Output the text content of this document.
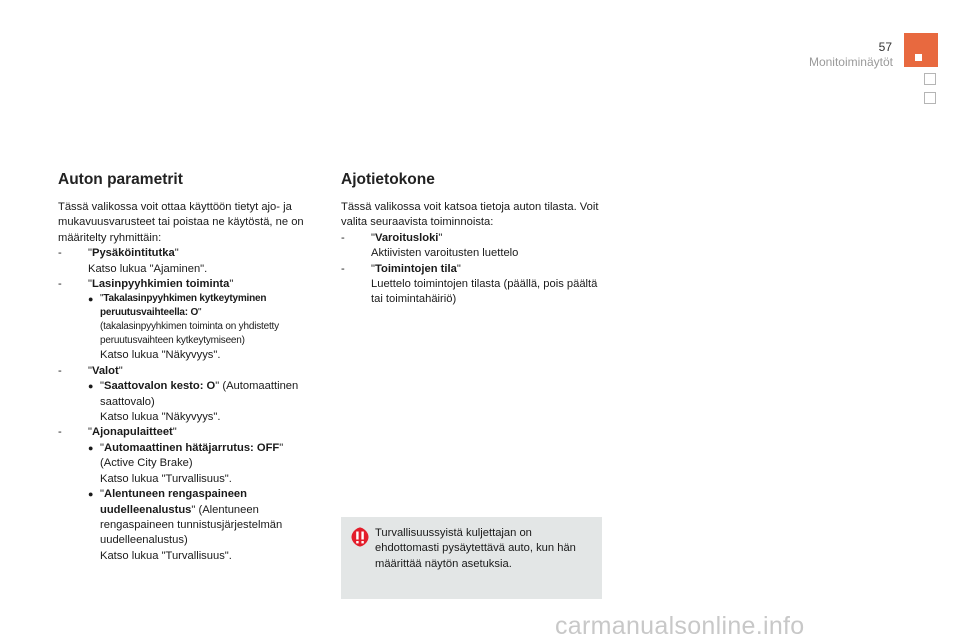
57
Monitoiminäytöt
Auton parametrit

Tässä valikossa voit ottaa käyttöön tietyt ajo- ja mukavuusvarusteet tai poistaa ne käytöstä, ne on määritelty ryhmittäin:

-	"Pysäköintitutka"
Katso lukua "Ajaminen".
-	"Lasinpyyhkimien toiminta"
● "Takalasinpyyhkimen kytkeytyminen peruutusvaihteella: O"
(takalasinpyyhkimen toiminta on yhdistetty peruutusvaihteen kytkeytymiseen)
Katso lukua "Näkyvyys".
-	"Valot"
● "Saattovalon kesto: O" (Automaattinen saattovalo)
Katso lukua "Näkyvyys".
-	"Ajonapulaitteet"
● "Automaattinen hätäjarrutus: OFF"
(Active City Brake)
Katso lukua "Turvallisuus".
● "Alentuneen rengaspaineen uudelleenalustus" (Alentuneen rengaspaineen tunnistusjärjestelmän uudelleenalustus)
Katso lukua "Turvallisuus".
Ajotietokone

Tässä valikossa voit katsoa tietoja auton tilasta. Voit valita seuraavista toiminnoista:

-	"Varoitusloki"
Aktiivisten varoitusten luettelo
-	"Toimintojen tila"
Luettelo toimintojen tilasta (päällä, pois päältä tai toimintahäiriö)
Turvallisuussyistä kuljettajan on ehdottomasti pysäytettävä auto, kun hän määrittää näytön asetuksia.
carmanualsonline.info
